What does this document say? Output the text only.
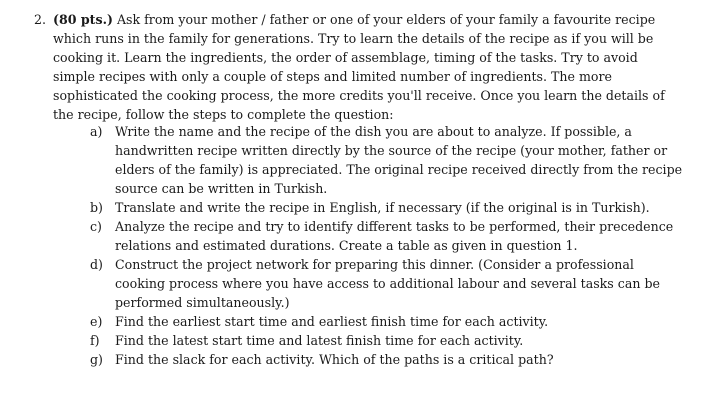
2. (80 pts.) Ask from your mother / father or one of your elders of your family a favourite recipe
which runs in the family for generations. Try to learn the details of the recipe as if you will be
cooking it. Learn the ingredients, the order of assemblage, timing of the tasks. Try to avoid
simple recipes with only a couple of steps and limited number of ingredients. The more
sophisticated the cooking process, the more credits you'll receive. Once you learn the details of
the recipe, follow the steps to complete the question:
a) Write the name and the recipe of the dish you are about to analyze. If possible, a
handwritten recipe written directly by the source of the recipe (your mother, father or
elders of the family) is appreciated. The original recipe received directly from the recipe
source can be written in Turkish.
b) Translate and write the recipe in English, if necessary (if the original is in Turkish).
c) Analyze the recipe and try to identify different tasks to be performed, their precedence
relations and estimated durations. Create a table as given in question 1.
d) Construct the project network for preparing this dinner. (Consider a professional
cooking process where you have access to additional labour and several tasks can be
performed simultaneously.)
e) Find the earliest start time and earliest finish time for each activity.
f) Find the latest start time and latest finish time for each activity.
g) Find the slack for each activity. Which of the paths is a critical path?
